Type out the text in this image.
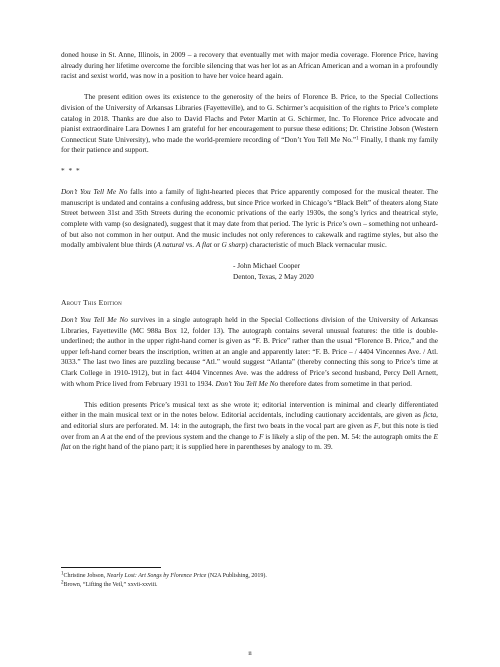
doned house in St. Anne, Illinois, in 2009 – a recovery that eventually met with major media coverage. Florence Price, having already during her lifetime overcome the forcible silencing that was her lot as an African American and a woman in a profoundly racist and sexist world, was now in a position to have her voice heard again.

The present edition owes its existence to the generosity of the heirs of Florence B. Price, to the Special Collections division of the University of Arkansas Libraries (Fayetteville), and to G. Schirmer’s acquisition of the rights to Price’s complete catalog in 2018. Thanks are due also to David Flachs and Peter Martin at G. Schirmer, Inc. To Florence Price advocate and pianist extraordinaire Lara Downes I am grateful for her encouragement to pursue these editions; Dr. Christine Jobson (Western Connecticut State University), who made the world-premiere recording of “Don’t You Tell Me No.”$^1$ Finally, I thank my family for their patience and support.

* * *

Don’t You Tell Me No falls into a family of light-hearted pieces that Price apparently composed for the musical theater. The manuscript is undated and contains a confusing address, but since Price worked in Chicago’s “Black Belt” of theaters along State Street between 31st and 35th Streets during the economic privations of the early 1930s, the song’s lyrics and theatrical style, complete with vamp (so designated), suggest that it may date from that period. The lyric is Price’s own – something not unheard-of but also not common in her output. And the music includes not only references to cakewalk and ragtime styles, but also the modally ambivalent blue thirds (A natural vs. A flat or G sharp) characteristic of much Black vernacular music.

- John Michael Cooper
Denton, Texas, 2 May 2020
About This Edition

Don’t You Tell Me No survives in a single autograph held in the Special Collections division of the University of Arkansas Libraries, Fayetteville (MC 988a Box 12, folder 13). The autograph contains several unusual features: the title is double-underlined; the author in the upper right-hand corner is given as “F. B. Price” rather than the usual “Florence B. Price,” and the upper left-hand corner bears the inscription, written at an angle and apparently later: “F. B. Price – / 4404 Vincennes Ave. / Atl. 3033.” The last two lines are puzzling because “Atl.” would suggest “Atlanta” (thereby connecting this song to Price’s time at Clark College in 1910-1912), but in fact 4404 Vincennes Ave. was the address of Price’s second husband, Percy Dell Arnett, with whom Price lived from February 1931 to 1934. Don’t You Tell Me No therefore dates from sometime in that period.

This edition presents Price’s musical text as she wrote it; editorial intervention is minimal and clearly differentiated either in the main musical text or in the notes below. Editorial accidentals, including cautionary accidentals, are given as ficta, and editorial slurs are perforated. M. 14: in the autograph, the first two beats in the vocal part are given as F, but this note is tied over from an A at the end of the previous system and the change to F is likely a slip of the pen. M. 54: the autograph omits the E flat on the right hand of the piano part; it is supplied here in parentheses by analogy to m. 39.

$^1$Christine Jobson, Nearly Lost: Art Songs by Florence Price (N2A Publishing, 2019).

$^2$Brown, “Lifting the Veil,” xxvii-xxviii.

ii
